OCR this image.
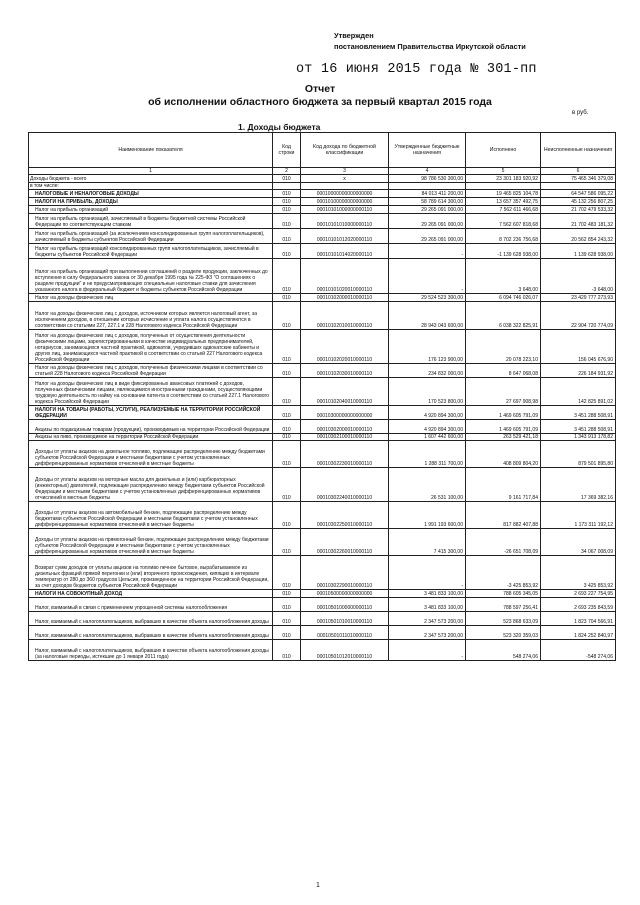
Утвержден
постановлением Правительства Иркутской области
от 16 июня 2015 года № 301-пп
Отчет
об исполнении областного бюджета за первый квартал 2015 года
в руб.
1. Доходы бюджета
Наименование показателя	Код строки	Код дохода по бюджетной классификации	Утвержденные бюджетные назначения	Исполнено	Неисполненные назначения
1	2	3	4	5	6
Доходы бюджета - всего	010	x	98 786 530 300,00	23 301 183 920,92	75 465 346 379,08
в том числе:					
НАЛОГОВЫЕ И НЕНАЛОГОВЫЕ ДОХОДЫ	010	00010000000000000000	84 013 411 200,00	19 465 825 104,78	64 547 586 095,22
НАЛОГИ НА ПРИБЫЛЬ, ДОХОДЫ	010	00010100000000000000	58 789 614 300,00	13 657 357 492,75	45 132 256 807,25
Налог на прибыль организаций	010	00010101000000000110	29 265 091 000,00	7 562 611 466,68	21 702 479 533,32
Налог на прибыль организаций, зачисляемый в бюджеты бюджетной системы Российской Федерации по соответствующим ставкам	010	00010101010000000110	29 265 091 000,00	7 562 607 818,68	21 702 483 181,32
Налог на прибыль организаций (за исключением консолидированных групп налогоплательщиков), зачисляемый в бюджеты субъектов Российской Федерации	010	00010101012020000110	29 265 091 000,00	8 702 236 756,68	20 562 854 243,32
Налог на прибыль организаций консолидированных групп налогоплательщиков, зачисляемый в бюджеты субъектов Российской Федерации	010	00010101014020000110	-	-1 139 628 938,00	1 139 628 938,00
Налог на прибыль организаций при выполнении соглашений о разделе продукции, заключенных до вступления в силу Федерального закона от 30 декабря 1995 года № 225-ФЗ "О соглашениях о разделе продукции" и не предусматривающих специальные налоговые ставки для зачисления указанного налога в федеральный бюджет и бюджеты субъектов Российской Федерации	010	00010101020010000110	-	3 648,00	-3 648,00
Налог на доходы физических лиц	010	00010102000010000110	29 524 523 300,00	6 094 746 026,07	23 429 777 273,93
Налог на доходы физических лиц с доходов, источником которых является налоговый агент, за исключением доходов, в отношении которых исчисление и уплата налога осуществляются в соответствии со статьями 227, 227.1 и 228 Налогового кодекса Российской Федерации	010	00010102010010000110	28 943 043 600,00	6 038 322 825,91	22 904 720 774,09
Налог на доходы физических лиц с доходов, полученных от осуществления деятельности физическими лицами, зарегистрированными в качестве индивидуальных предпринимателей, нотариусов, занимающихся частной практикой, адвокатов, учредивших адвокатские кабинеты и других лиц, занимающихся частной практикой в соответствии со статьей 227 Налогового кодекса Российской Федерации	010	00010102020010000110	176 123 900,00	20 078 223,10	156 045 676,90
Налог на доходы физических лиц с доходов, полученных физическими лицами в соответствии со статьей 228 Налогового кодекса Российской Федерации	010	00010102030010000110	234 832 000,00	8 647 068,08	226 184 931,92
Налог на доходы физических лиц в виде фиксированных авансовых платежей с доходов, полученных физическими лицами, являющимися иностранными гражданами, осуществляющими трудовую деятельность по найму на основании патента в соответствии со статьей 227.1 Налогового кодекса Российской Федерации	010	00010102040010000110	170 523 800,00	27 697 908,98	142 825 891,02
НАЛОГИ НА ТОВАРЫ (РАБОТЫ, УСЛУГИ), РЕАЛИЗУЕМЫЕ НА ТЕРРИТОРИИ РОССИЙСКОЙ ФЕДЕРАЦИИ	010	00010300000000000000	4 920 894 300,00	1 469 605 791,09	3 451 288 508,91
Акцизы по подакцизным товарам (продукции), производимым на территории Российской Федерации	010	00010302000010000110	4 920 894 300,00	1 469 605 791,09	3 451 288 508,91
Акцизы на пиво, производимое на территории Российской Федерации	010	00010302100010000110	1 607 442 600,00	263 529 421,18	1 343 913 178,82
Доходы от уплаты акцизов на дизельное топливо, подлежащие распределению между бюджетами субъектов Российской Федерации и местными бюджетами с учетом установленных дифференцированных нормативов отчислений в местные бюджеты	010	00010302230010000110	1 288 311 700,00	408 809 804,20	879 501 895,80
Доходы от уплаты акцизов на моторные масла для дизельных и (или) карбюраторных (инжекторных) двигателей, подлежащие распределению между бюджетами субъектов Российской Федерации и местными бюджетами с учетом установленных дифференцированных нормативов отчислений в местные бюджеты	010	00010302240010000110	26 531 100,00	9 161 717,84	17 369 382,16
Доходы от уплаты акцизов на автомобильный бензин, подлежащие распределению между бюджетами субъектов Российской Федерации и местными бюджетами с учетом установленных дифференцированных нормативов отчислений в местные бюджеты	010	00010302250010000110	1 991 193 600,00	817 882 407,88	1 173 311 192,12
Доходы от уплаты акцизов на прямогонный бензин, подлежащие распределению между бюджетами субъектов Российской Федерации и местными бюджетами с учетом установленных дифференцированных нормативов отчислений в местные бюджеты	010	00010302260010000110	7 415 300,00	-26 651 708,09	34 067 008,09
Возврат сумм доходов от уплаты акцизов на топливо печное бытовое, вырабатываемое из дизельных фракций прямой перегонки и (или) вторичного происхождения, кипящих в интервале температур от 280 до 360 градусов Цельсия, произведенное на территории Российской Федерации, за счет доходов бюджетов субъектов Российской Федерации	010	00010302290010000110	-	-3 425 853,92	3 425 853,92
НАЛОГИ НА СОВОКУПНЫЙ ДОХОД	010	00010500000000000000	3 481 833 100,00	788 605 345,05	2 693 227 754,95
Налог, взимаемый в связи с применением упрощенной системы налогообложения	010	00010501000000000110	3 481 833 100,00	788 597 256,41	2 693 235 843,59
Налог, взимаемый с налогоплательщиков, выбравших в качестве объекта налогообложения доходы	010	00010501010010000110	2 347 573 200,00	523 868 633,09	1 823 704 566,91
Налог, взимаемый с налогоплательщиков, выбравших в качестве объекта налогообложения доходы	010	00010501011010000110	2 347 573 200,00	523 320 359,03	1 824 252 840,97
Налог, взимаемый с налогоплательщиков, выбравших в качестве объекта налогообложения доходы (за налоговые периоды, истекшие до 1 января 2011 года)	010	00010501012010000110	-	548 274,06	-548 274,06
1
